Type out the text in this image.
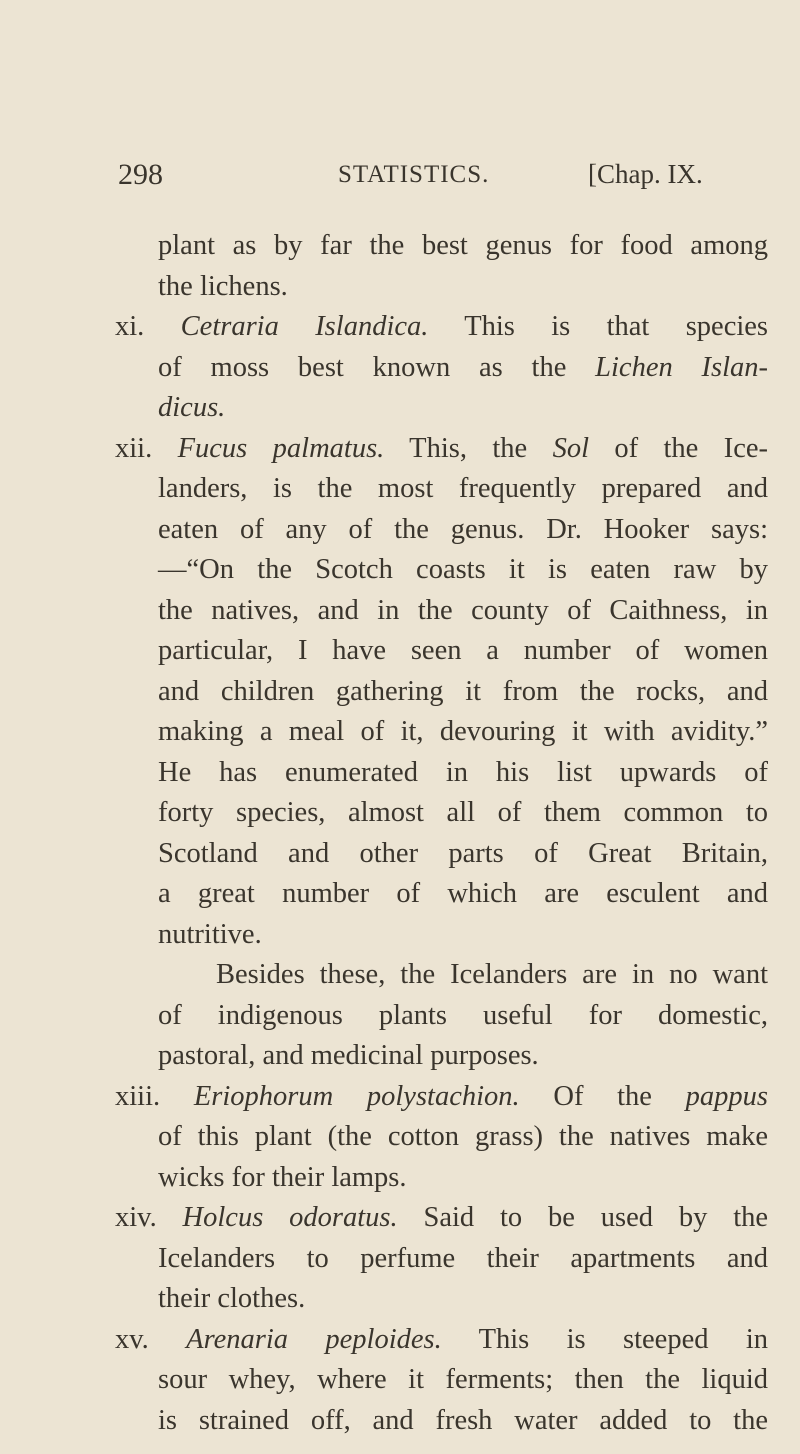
298	STATISTICS.	[Chap. IX.
plant as by far the best genus for food among
the lichens.
xi. Cetraria Islandica. This is that species
of moss best known as the Lichen Islan-
dicus.
xii. Fucus palmatus. This, the Sol of the Ice-
landers, is the most frequently prepared and
eaten of any of the genus. Dr. Hooker says:
—“On the Scotch coasts it is eaten raw by
the natives, and in the county of Caithness, in
particular, I have seen a number of women
and children gathering it from the rocks, and
making a meal of it, devouring it with avidity.”
He has enumerated in his list upwards of
forty species, almost all of them common to
Scotland and other parts of Great Britain,
a great number of which are esculent and
nutritive.
Besides these, the Icelanders are in no want
of indigenous plants useful for domestic,
pastoral, and medicinal purposes.
xiii. Eriophorum polystachion. Of the pappus
of this plant (the cotton grass) the natives make
wicks for their lamps.
xiv. Holcus odoratus. Said to be used by the
Icelanders to perfume their apartments and
their clothes.
xv. Arenaria peploides. This is steeped in
sour whey, where it ferments; then the liquid
is strained off, and fresh water added to the
